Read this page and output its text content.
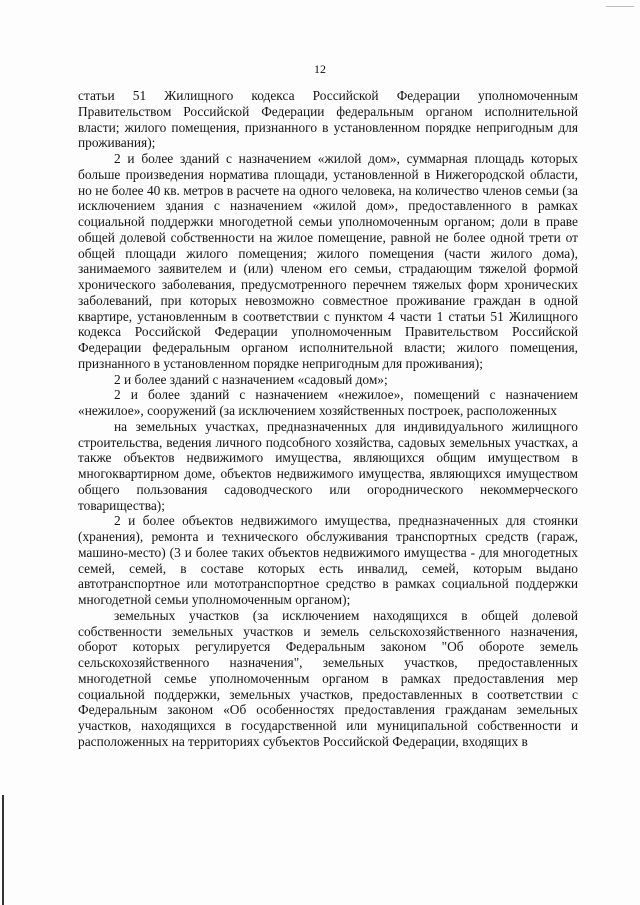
12

статьи 51 Жилищного кодекса Российской Федерации уполномоченным Правительством Российской Федерации федеральным органом исполнительной власти; жилого помещения, признанного в установленном порядке непригодным для проживания);

2 и более зданий с назначением «жилой дом», суммарная площадь которых больше произведения норматива площади, установленной в Нижегородской области, но не более 40 кв. метров в расчете на одного человека, на количество членов семьи (за исключением здания с назначением «жилой дом», предоставленного в рамках социальной поддержки многодетной семьи уполномоченным органом; доли в праве общей долевой собственности на жилое помещение, равной не более одной трети от общей площади жилого помещения; жилого помещения (части жилого дома), занимаемого заявителем и (или) членом его семьи, страдающим тяжелой формой хронического заболевания, предусмотренного перечнем тяжелых форм хронических заболеваний, при которых невозможно совместное проживание граждан в одной квартире, установленным в соответствии с пунктом 4 части 1 статьи 51 Жилищного кодекса Российской Федерации уполномоченным Правительством Российской Федерации федеральным органом исполнительной власти; жилого помещения, признанного в установленном порядке непригодным для проживания);

2 и более зданий с назначением «садовый дом»;

2 и более зданий с назначением «нежилое», помещений с назначением «нежилое», сооружений (за исключением хозяйственных построек, расположенных

на земельных участках, предназначенных для индивидуального жилищного строительства, ведения личного подсобного хозяйства, садовых земельных участках, а также объектов недвижимого имущества, являющихся общим имуществом в многоквартирном доме, объектов недвижимого имущества, являющихся имуществом общего пользования садоводческого или огороднического некоммерческого товарищества);

2 и более объектов недвижимого имущества, предназначенных для стоянки (хранения), ремонта и технического обслуживания транспортных средств (гараж, машино-место) (3 и более таких объектов недвижимого имущества - для многодетных семей, семей, в составе которых есть инвалид, семей, которым выдано автотранспортное или мототранспортное средство в рамках социальной поддержки многодетной семьи уполномоченным органом);

земельных участков (за исключением находящихся в общей долевой собственности земельных участков и земель сельскохозяйственного назначения, оборот которых регулируется Федеральным законом "Об обороте земель сельскохозяйственного назначения", земельных участков, предоставленных многодетной семье уполномоченным органом в рамках предоставления мер социальной поддержки, земельных участков, предоставленных в соответствии с Федеральным законом «Об особенностях предоставления гражданам земельных участков, находящихся в государственной или муниципальной собственности и расположенных на территориях субъектов Российской Федерации, входящих в
